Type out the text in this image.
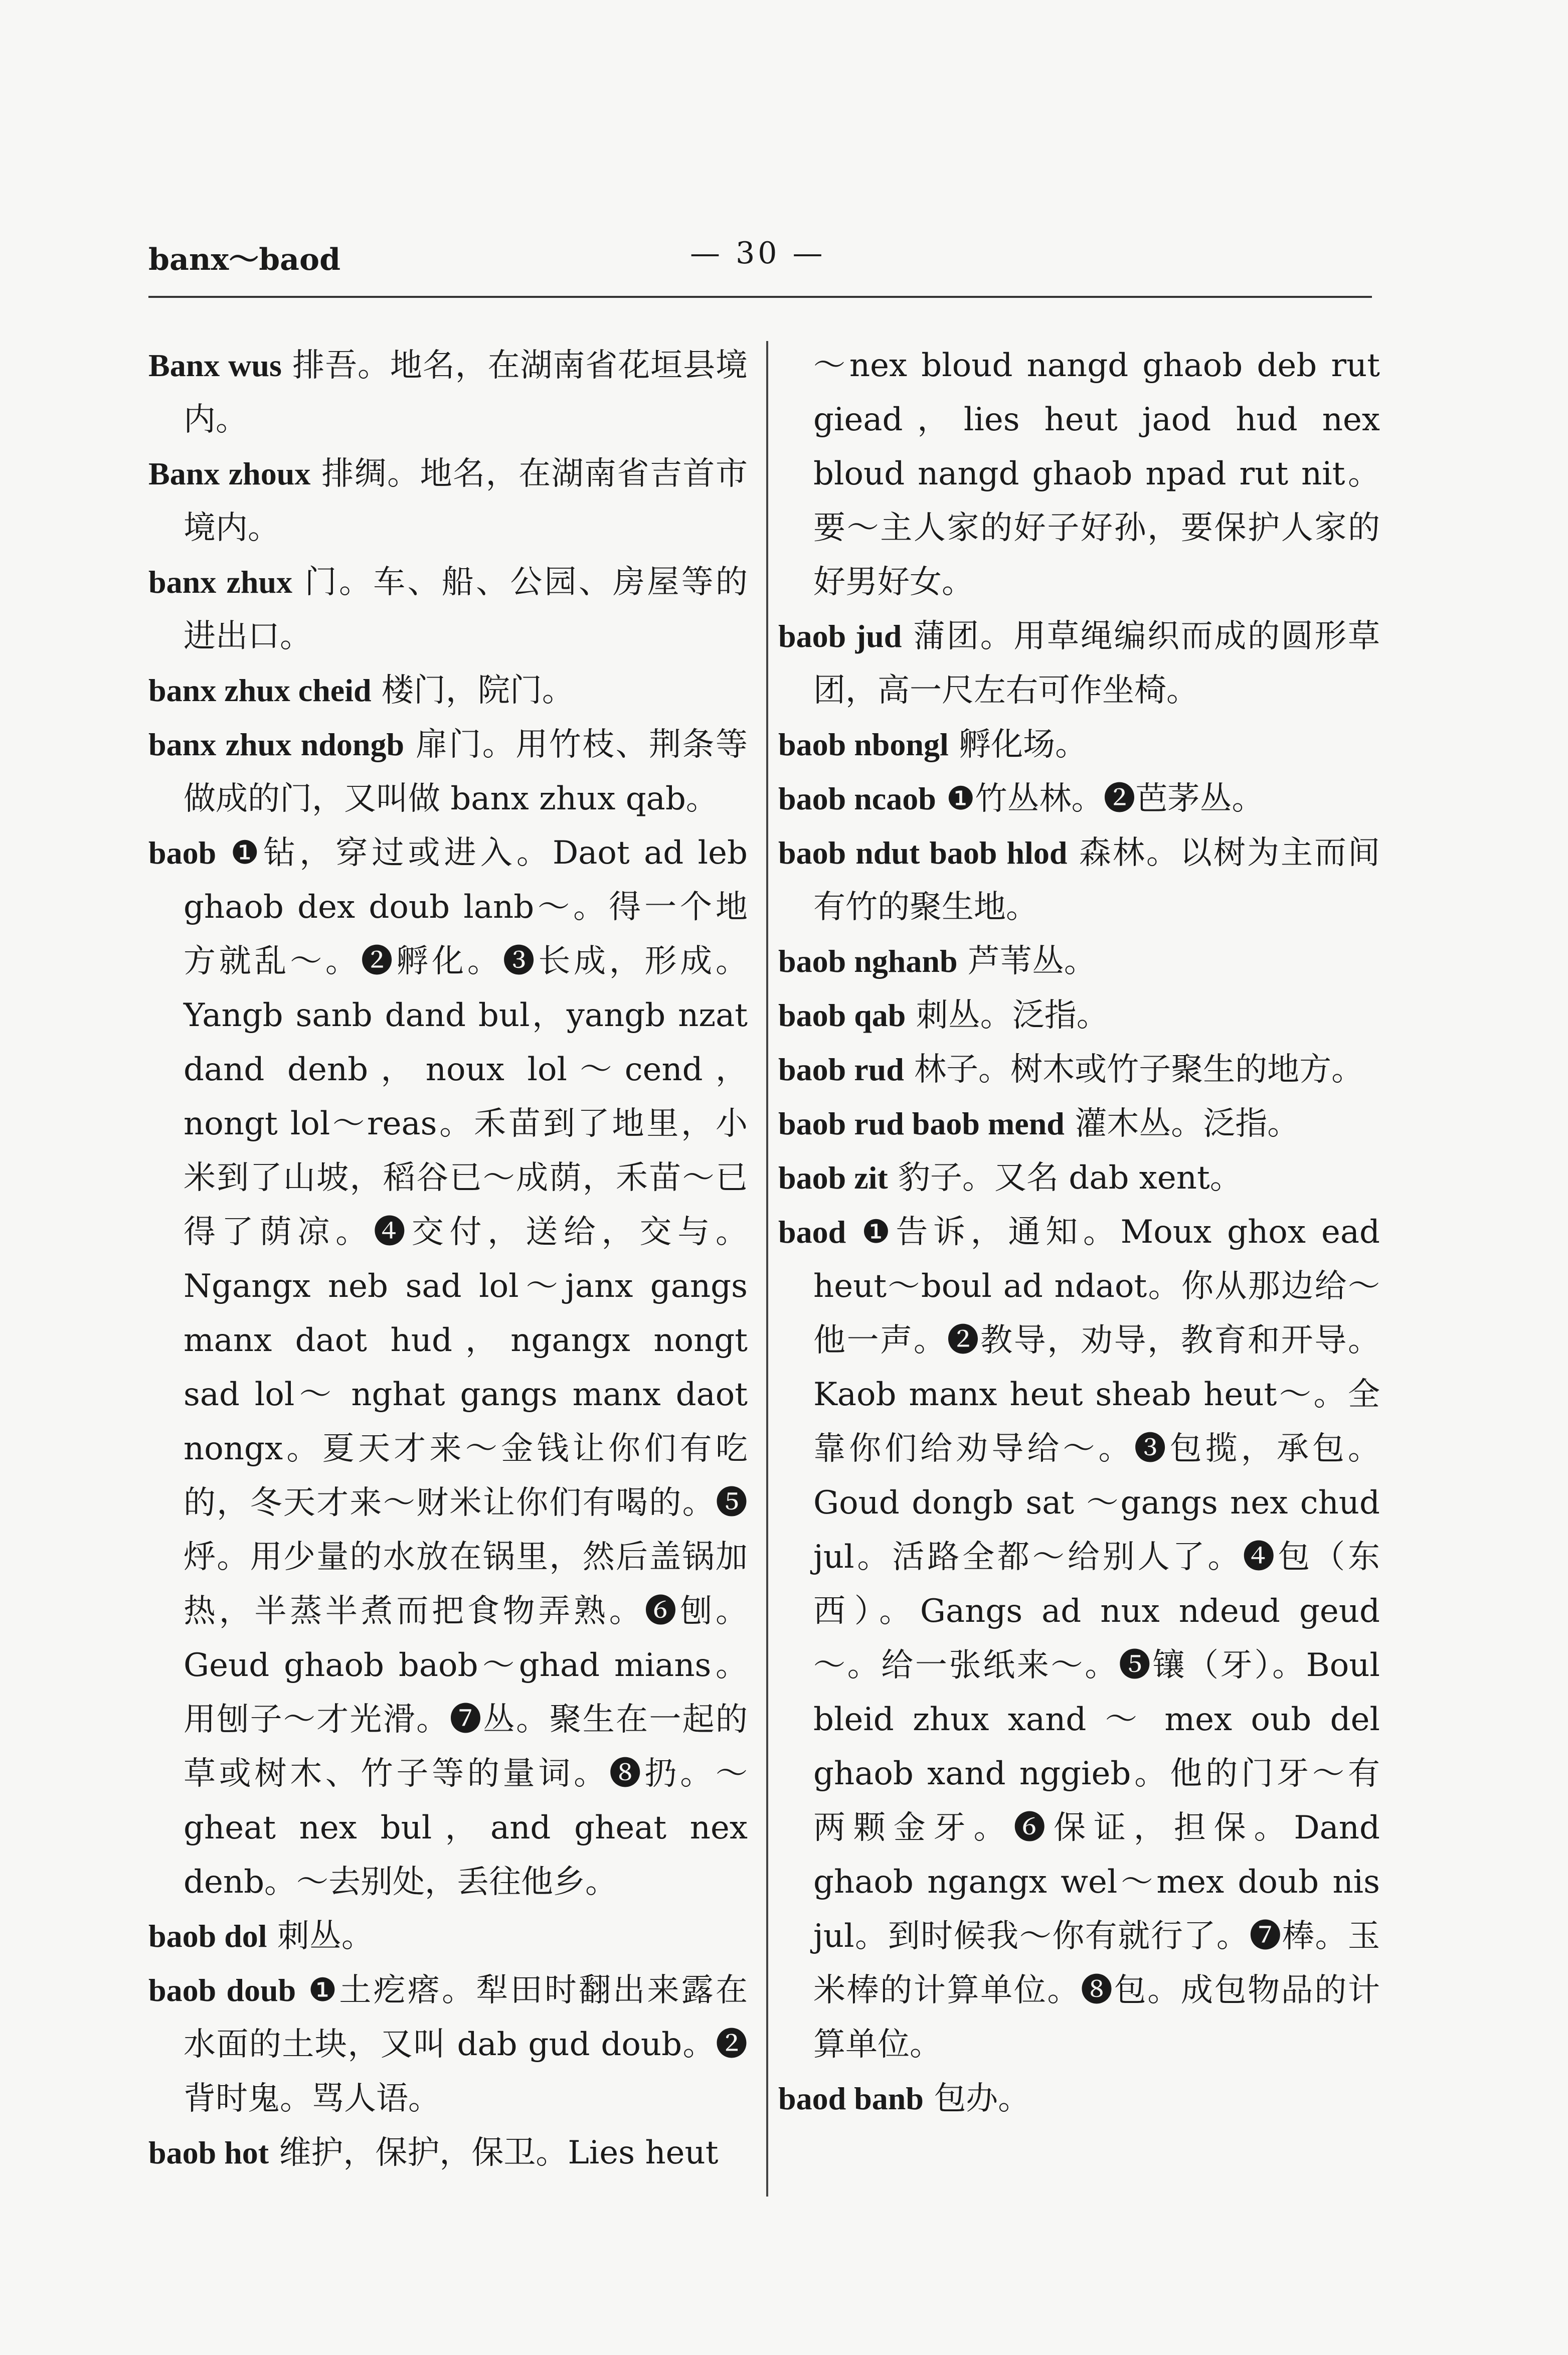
banx～baod	— 30 —

Banx wus 排吾。地名，在湖南省花垣县境内。

Banx zhoux 排绸。地名，在湖南省吉首市境内。

banx zhux 门。车、船、公园、房屋等的进出口。

banx zhux cheid 楼门，院门。

banx zhux ndongb 扉门。用竹枝、荆条等做成的门，又叫做 banx zhux qab。

baob ❶钻，穿过或进入。Daot ad leb ghaob dex doub lanb～。得一个地方就乱～。❷孵化。❸长成，形成。Yangb sanb dand bul，yangb nzat dand denb，noux lol～cend，nongt lol～reas。禾苗到了地里，小米到了山坡，稻谷已～成荫，禾苗～已得了荫凉。❹交付，送给，交与。Ngangx neb sad lol～janx gangs manx daot hud，ngangx nongt sad lol～ nghat gangs manx daot nongx。夏天才来～金钱让你们有吃的，冬天才来～财米让你们有喝的。❺烀。用少量的水放在锅里，然后盖锅加热，半蒸半煮而把食物弄熟。❻刨。Geud ghaob baob～ghad mians。用刨子～才光滑。❼丛。聚生在一起的草或树木、竹子等的量词。❽扔。～gheat nex bul，and gheat nex denb。～去别处，丢往他乡。

baob dol 刺丛。

baob doub ❶土疙瘩。犁田时翻出来露在水面的土块，又叫 dab gud doub。❷背时鬼。骂人语。

baob hot 维护，保护，保卫。Lies heut

～nex bloud nangd ghaob deb rut giead，lies heut jaod hud nex bloud nangd ghaob npad rut nit。要～主人家的好子好孙，要保护人家的好男好女。

baob jud 蒲团。用草绳编织而成的圆形草团，高一尺左右可作坐椅。

baob nbongl 孵化场。

baob ncaob ❶竹丛林。❷芭茅丛。

baob ndut baob hlod 森林。以树为主而间有竹的聚生地。

baob nghanb 芦苇丛。

baob qab 刺丛。泛指。

baob rud 林子。树木或竹子聚生的地方。

baob rud baob mend 灌木丛。泛指。

baob zit 豹子。又名 dab xent。

baod ❶告诉，通知。Moux ghox ead heut～boul ad ndaot。你从那边给～他一声。❷教导，劝导，教育和开导。Kaob manx heut sheab heut～。全靠你们给劝导给～。❸包揽，承包。Goud dongb sat ～gangs nex chud jul。活路全都～给别人了。❹包（东西）。Gangs ad nux ndeud geud～。给一张纸来～。❺镶（牙）。Boul bleid zhux xand ～ mex oub del ghaob xand nggieb。他的门牙～有两颗金牙。❻保证，担保。Dand ghaob ngangx wel～mex doub nis jul。到时候我～你有就行了。❼棒。玉米棒的计算单位。❽包。成包物品的计算单位。

baod banb 包办。
